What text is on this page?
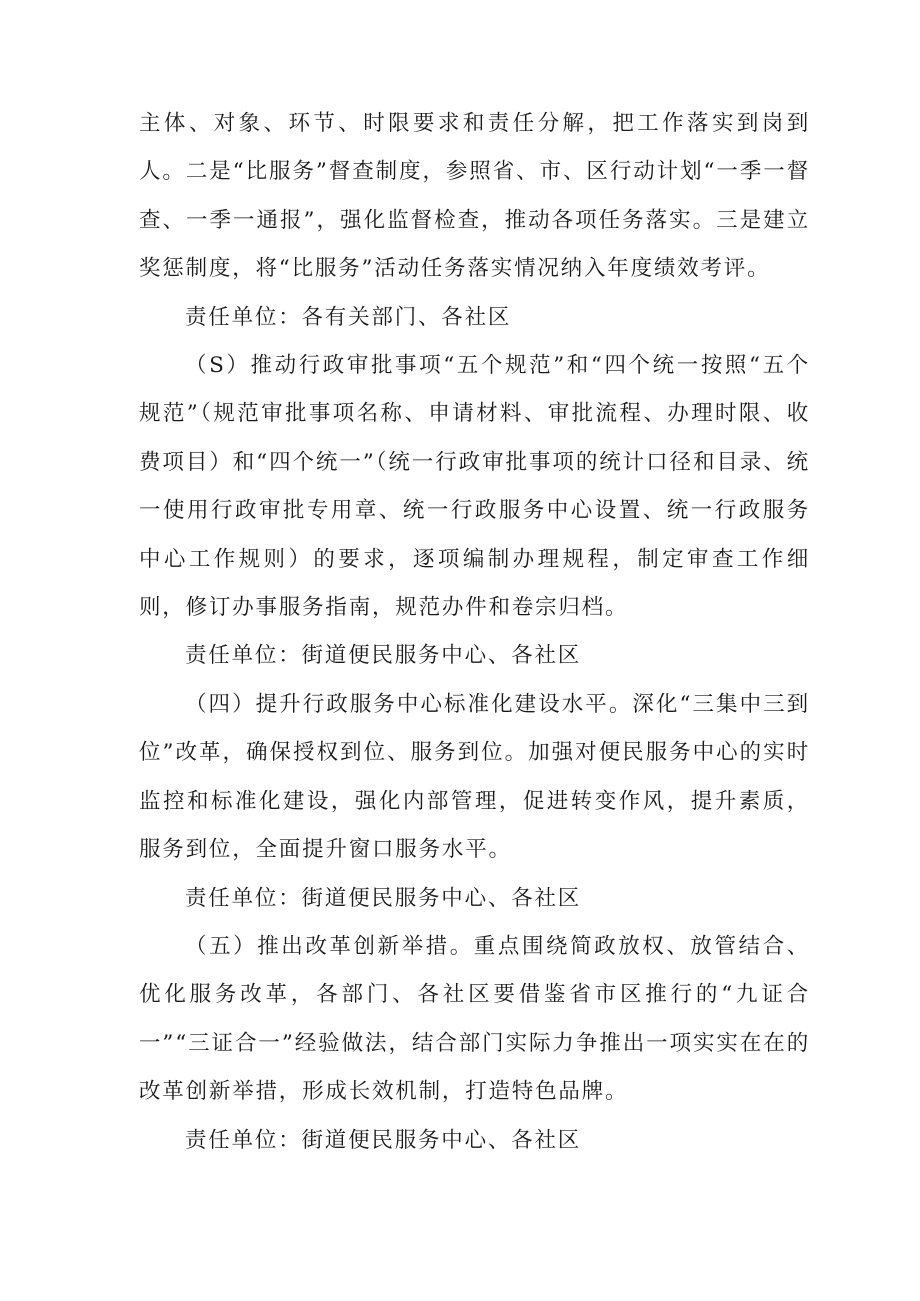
主体、对象、环节、时限要求和责任分解，把工作落实到岗到人。二是“比服务”督查制度，参照省、市、区行动计划“一季一督查、一季一通报”，强化监督检查，推动各项任务落实。三是建立奖惩制度，将“比服务”活动任务落实情况纳入年度绩效考评。

责任单位：各有关部门、各社区

（S）推动行政审批事项“五个规范”和“四个统一按照“五个规范”（规范审批事项名称、申请材料、审批流程、办理时限、收费项目）和“四个统一”（统一行政审批事项的统计口径和目录、统一使用行政审批专用章、统一行政服务中心设置、统一行政服务中心工作规则）的要求，逐项编制办理规程，制定审查工作细则，修订办事服务指南，规范办件和卷宗归档。

责任单位：街道便民服务中心、各社区

（四）提升行政服务中心标准化建设水平。深化“三集中三到位”改革，确保授权到位、服务到位。加强对便民服务中心的实时监控和标准化建设，强化内部管理，促进转变作风，提升素质，服务到位，全面提升窗口服务水平。

责任单位：街道便民服务中心、各社区

（五）推出改革创新举措。重点围绕简政放权、放管结合、优化服务改革，各部门、各社区要借鉴省市区推行的“九证合一”“三证合一”经验做法，结合部门实际力争推出一项实实在在的改革创新举措，形成长效机制，打造特色品牌。

责任单位：街道便民服务中心、各社区
